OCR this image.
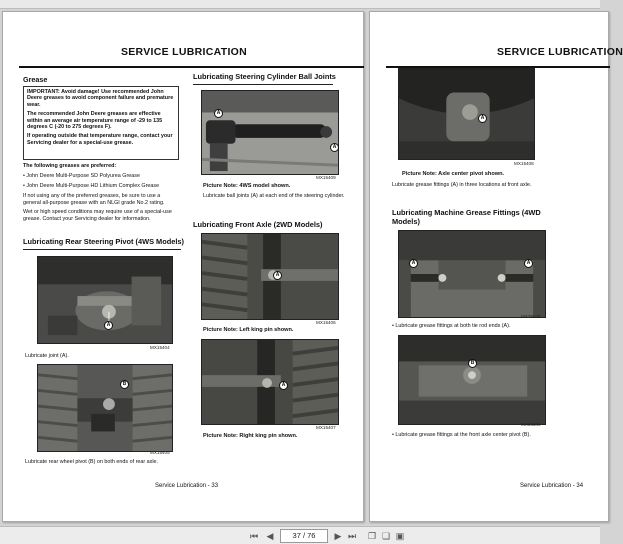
SERVICE LUBRICATION
Grease

IMPORTANT: Avoid damage! Use recommended John Deere greases to avoid component failure and premature wear.

The recommended John Deere greases are effective within an average air temperature range of -29 to 135 degrees C (-20 to 275 degrees F).

If operating outside that temperature range, contact your Servicing dealer for a special-use grease.

The following greases are preferred:
• John Deere Multi-Purpose SD Polyurea Grease
• John Deere Multi-Purpose HD Lithium Complex Grease
If not using any of the preferred greases, be sure to use a general all-purpose grease with an NLGI grade No.2 rating.
Wet or high speed conditions may require use of a special-use grease. Contact your Servicing dealer for information.
Lubricating Rear Steering Pivot (4WS Models)
A
MX15404
Lubricate joint (A).
B
MX15405
Lubricate rear wheel pivot (B) on both ends of rear axle.
Lubricating Steering Cylinder Ball Joints
A
A
MX15409
Picture Note: 4WS model shown.
Lubricate ball joints (A) at each end of the steering cylinder.
Lubricating Front Axle (2WD Models)
A
MX15406
Picture Note: Left king pin shown.
A
MX15407
Picture Note: Right king pin shown.
Service Lubrication - 33
SERVICE LUBRICATION
A
MX15408
Picture Note: Axle center pivot shown.
Lubricate grease fittings (A) in three locations at front axle.
Lubricating Machine Grease Fittings (4WD
Models)
A	A
MX36548
• Lubricate grease fittings at both tie rod ends (A).
B
MX36549
• Lubricate grease fittings at the front axle center pivot (B).
Service Lubrication - 34
⏮ ◀	37 / 76	▶ ⏭ ❐ ❏ ▣
